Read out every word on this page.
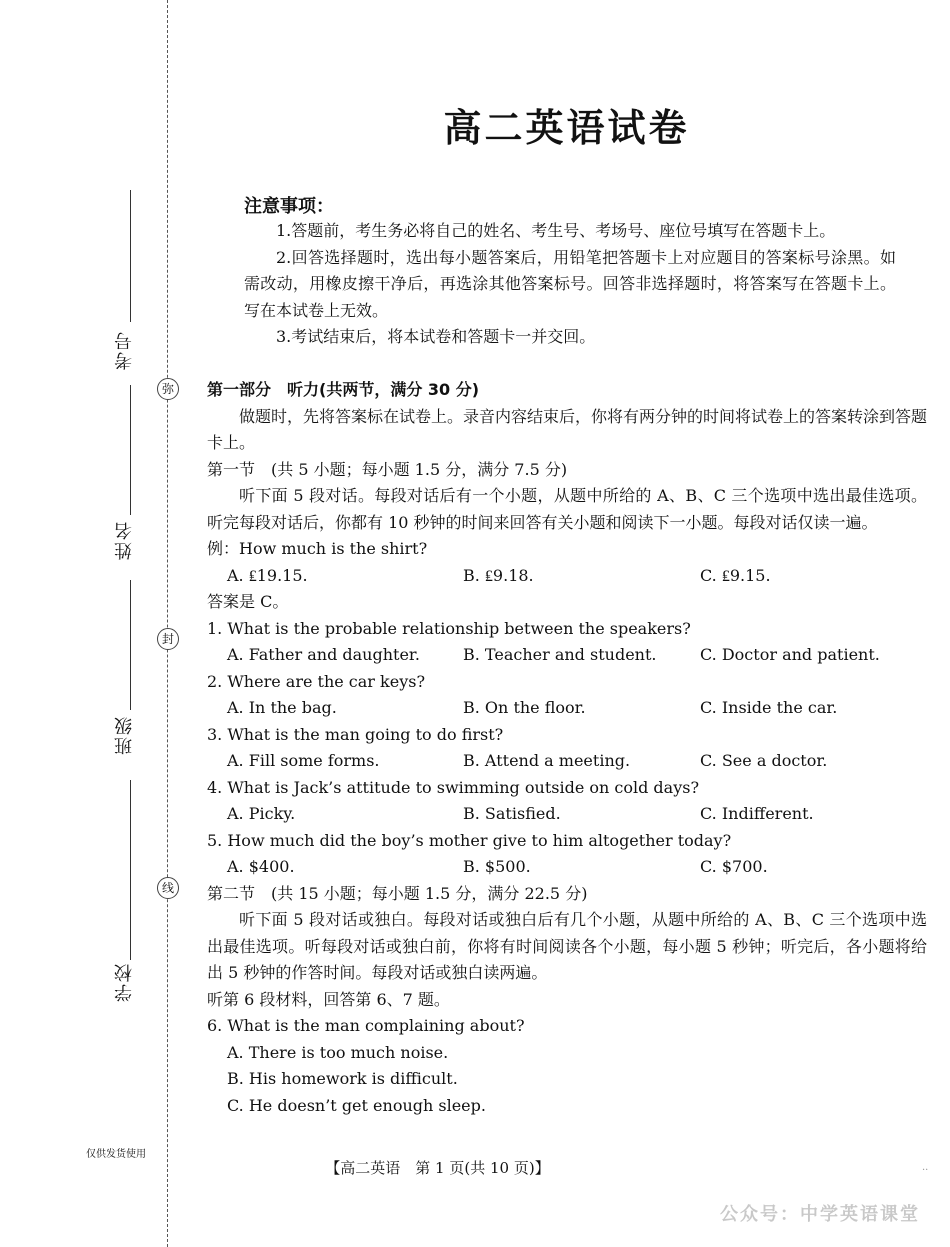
弥
封
线
考号
姓名
班级
学校
仅供发货使用
高二英语试卷
注意事项：

1.答题前，考生务必将自己的姓名、考生号、考场号、座位号填写在答题卡上。

2.回答选择题时，选出每小题答案后，用铅笔把答题卡上对应题目的答案标号涂黑。如需改动，用橡皮擦干净后，再选涂其他答案标号。回答非选择题时，将答案写在答题卡上。写在本试卷上无效。

3.考试结束后，将本试卷和答题卡一并交回。

第一部分　听力(共两节，满分 30 分)

做题时，先将答案标在试卷上。录音内容结束后，你将有两分钟的时间将试卷上的答案转涂到答题卡上。

第一节　(共 5 小题；每小题 1.5 分，满分 7.5 分)

听下面 5 段对话。每段对话后有一个小题，从题中所给的 A、B、C 三个选项中选出最佳选项。听完每段对话后，你都有 10 秒钟的时间来回答有关小题和阅读下一小题。每段对话仅读一遍。

例：How much is the shirt?

A. ₤19.15.	B. ₤9.18.	C. ₤9.15.

答案是 C。

1. What is the probable relationship between the speakers?

A. Father and daughter.	B. Teacher and student.	C. Doctor and patient.

2. Where are the car keys?

A. In the bag.	B. On the floor.	C. Inside the car.

3. What is the man going to do first?

A. Fill some forms.	B. Attend a meeting.	C. See a doctor.

4. What is Jack’s attitude to swimming outside on cold days?

A. Picky.	B. Satisfied.	C. Indifferent.

5. How much did the boy’s mother give to him altogether today?

A. $400.	B. $500.	C. $700.

第二节　(共 15 小题；每小题 1.5 分，满分 22.5 分)

听下面 5 段对话或独白。每段对话或独白后有几个小题，从题中所给的 A、B、C 三个选项中选出最佳选项。听每段对话或独白前，你将有时间阅读各个小题，每小题 5 秒钟；听完后，各小题将给出 5 秒钟的作答时间。每段对话或独白读两遍。

听第 6 段材料，回答第 6、7 题。

6. What is the man complaining about?

A. There is too much noise.

B. His homework is difficult.

C. He doesn’t get enough sleep.

【高二英语　第 1 页(共 10 页)】	··
公众号：中学英语课堂
